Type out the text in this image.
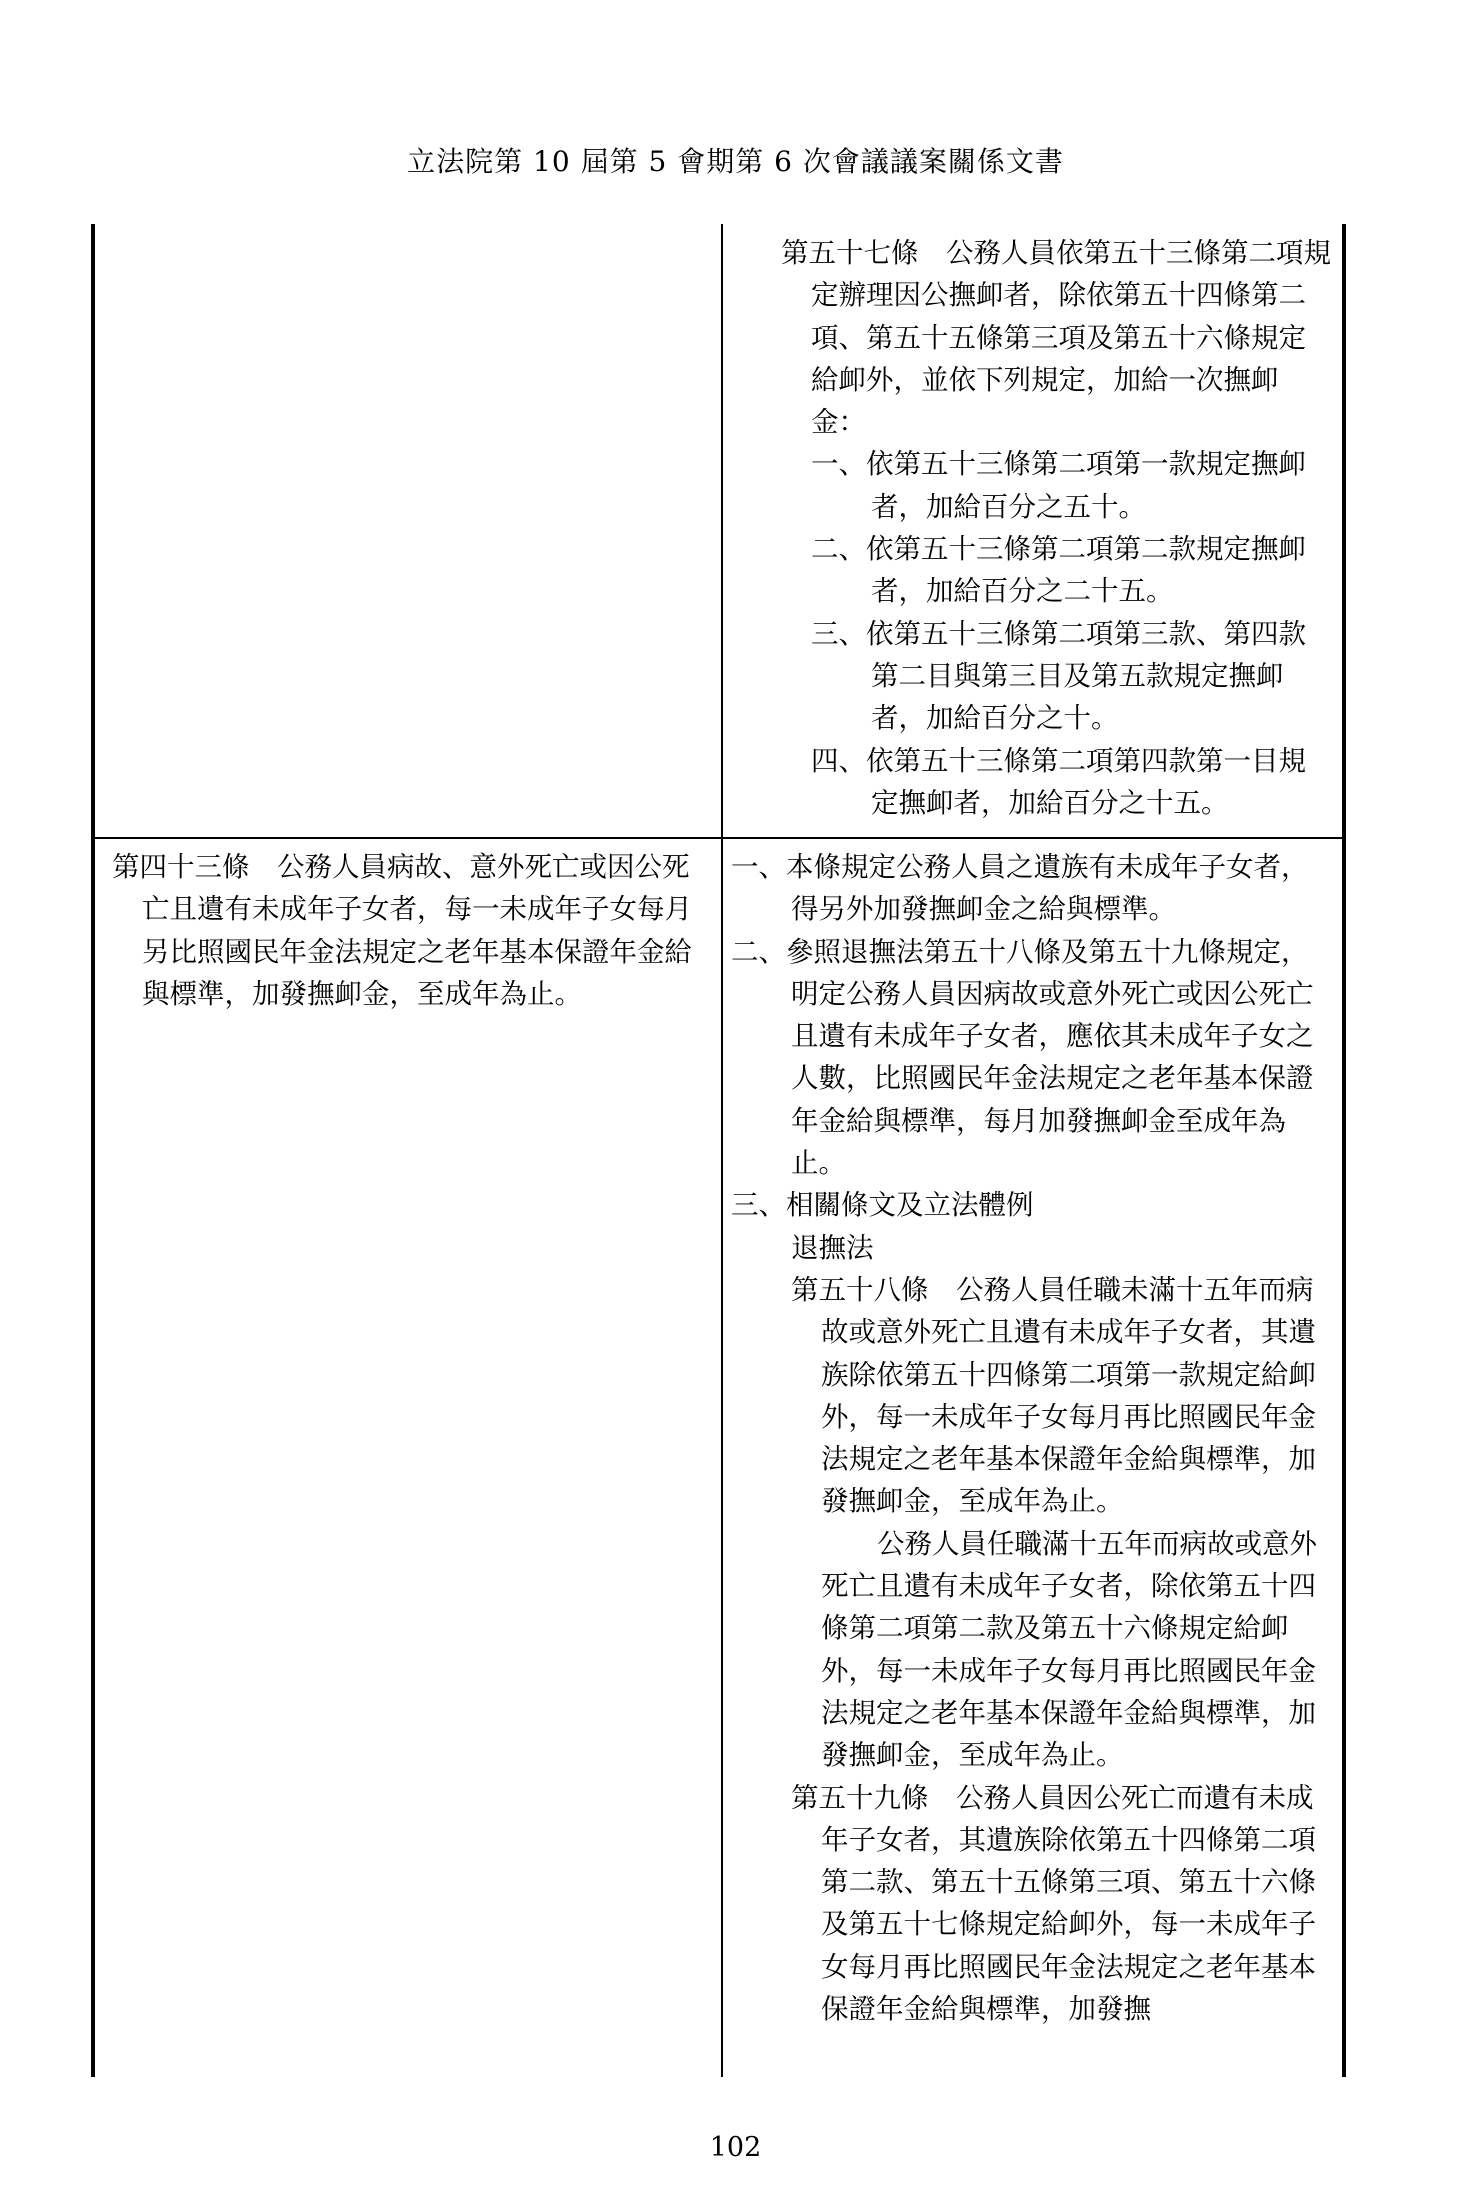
立法院第 10 屆第 5 會期第 6 次會議議案關係文書

第五十七條　公務人員依第五十三條第二項規定辦理因公撫卹者，除依第五十四條第二項、第五十五條第三項及第五十六條規定給卹外，並依下列規定，加給一次撫卹金：

一、依第五十三條第二項第一款規定撫卹者，加給百分之五十。

二、依第五十三條第二項第二款規定撫卹者，加給百分之二十五。

三、依第五十三條第二項第三款、第四款第二目與第三目及第五款規定撫卹者，加給百分之十。

四、依第五十三條第二項第四款第一目規定撫卹者，加給百分之十五。

第四十三條　公務人員病故、意外死亡或因公死亡且遺有未成年子女者，每一未成年子女每月另比照國民年金法規定之老年基本保證年金給與標準，加發撫卹金，至成年為止。

一、本條規定公務人員之遺族有未成年子女者，得另外加發撫卹金之給與標準。

二、參照退撫法第五十八條及第五十九條規定，明定公務人員因病故或意外死亡或因公死亡且遺有未成年子女者，應依其未成年子女之人數，比照國民年金法規定之老年基本保證年金給與標準，每月加發撫卹金至成年為止。

三、相關條文及立法體例

退撫法

第五十八條　公務人員任職未滿十五年而病故或意外死亡且遺有未成年子女者，其遺族除依第五十四條第二項第一款規定給卹外，每一未成年子女每月再比照國民年金法規定之老年基本保證年金給與標準，加發撫卹金，至成年為止。

公務人員任職滿十五年而病故或意外死亡且遺有未成年子女者，除依第五十四條第二項第二款及第五十六條規定給卹外，每一未成年子女每月再比照國民年金法規定之老年基本保證年金給與標準，加發撫卹金，至成年為止。

第五十九條　公務人員因公死亡而遺有未成年子女者，其遺族除依第五十四條第二項第二款、第五十五條第三項、第五十六條及第五十七條規定給卹外，每一未成年子女每月再比照國民年金法規定之老年基本保證年金給與標準，加發撫

102
